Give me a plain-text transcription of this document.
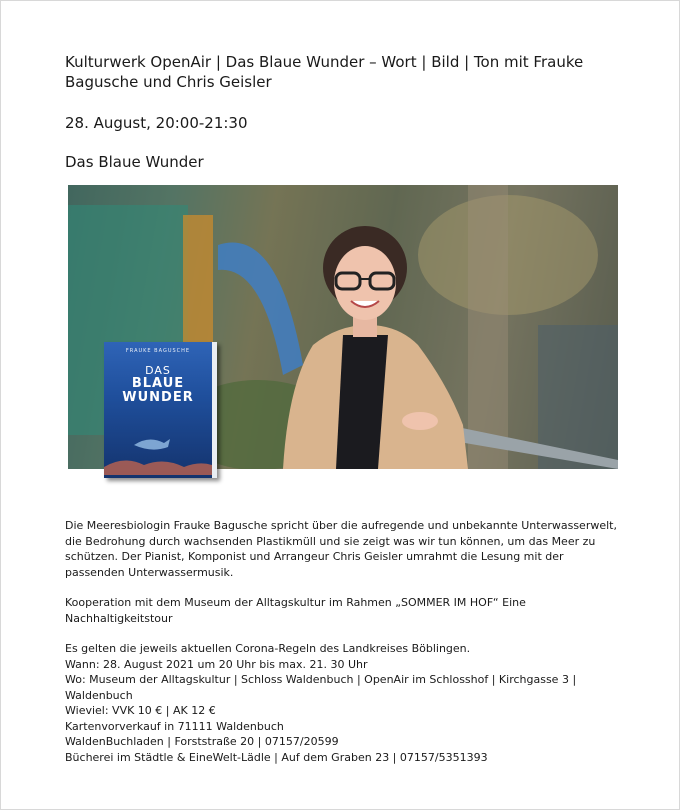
Kulturwerk OpenAir | Das Blaue Wunder – Wort | Bild | Ton mit Frauke Bagusche und Chris Geisler

28. August, 20:00-21:30

Das Blaue Wunder

FRAUKE BAGUSCHE
DAS
BLAUE
WUNDER

Die Meeresbiologin Frauke Bagusche spricht über die aufregende und unbekannte Unterwasserwelt, die Bedrohung durch wachsenden Plastikmüll und sie zeigt was wir tun können, um das Meer zu schützen. Der Pianist, Komponist und Arrangeur Chris Geisler umrahmt die Lesung mit der passenden Unterwassermusik.

Kooperation mit dem Museum der Alltagskultur im Rahmen „SOMMER IM HOF“ Eine Nachhaltigkeitstour

Es gelten die jeweils aktuellen Corona-Regeln des Landkreises Böblingen.

Wann: 28. August 2021 um 20 Uhr bis max. 21. 30 Uhr

Wo: Museum der Alltagskultur | Schloss Waldenbuch | OpenAir im Schlosshof | Kirchgasse 3 | Waldenbuch

Wieviel: VVK 10 € | AK 12 €

Kartenvorverkauf in 71111 Waldenbuch

WaldenBuchladen | Forststraße 20 | 07157/20599

Bücherei im Städtle & EineWelt-Lädle | Auf dem Graben 23 | 07157/5351393
